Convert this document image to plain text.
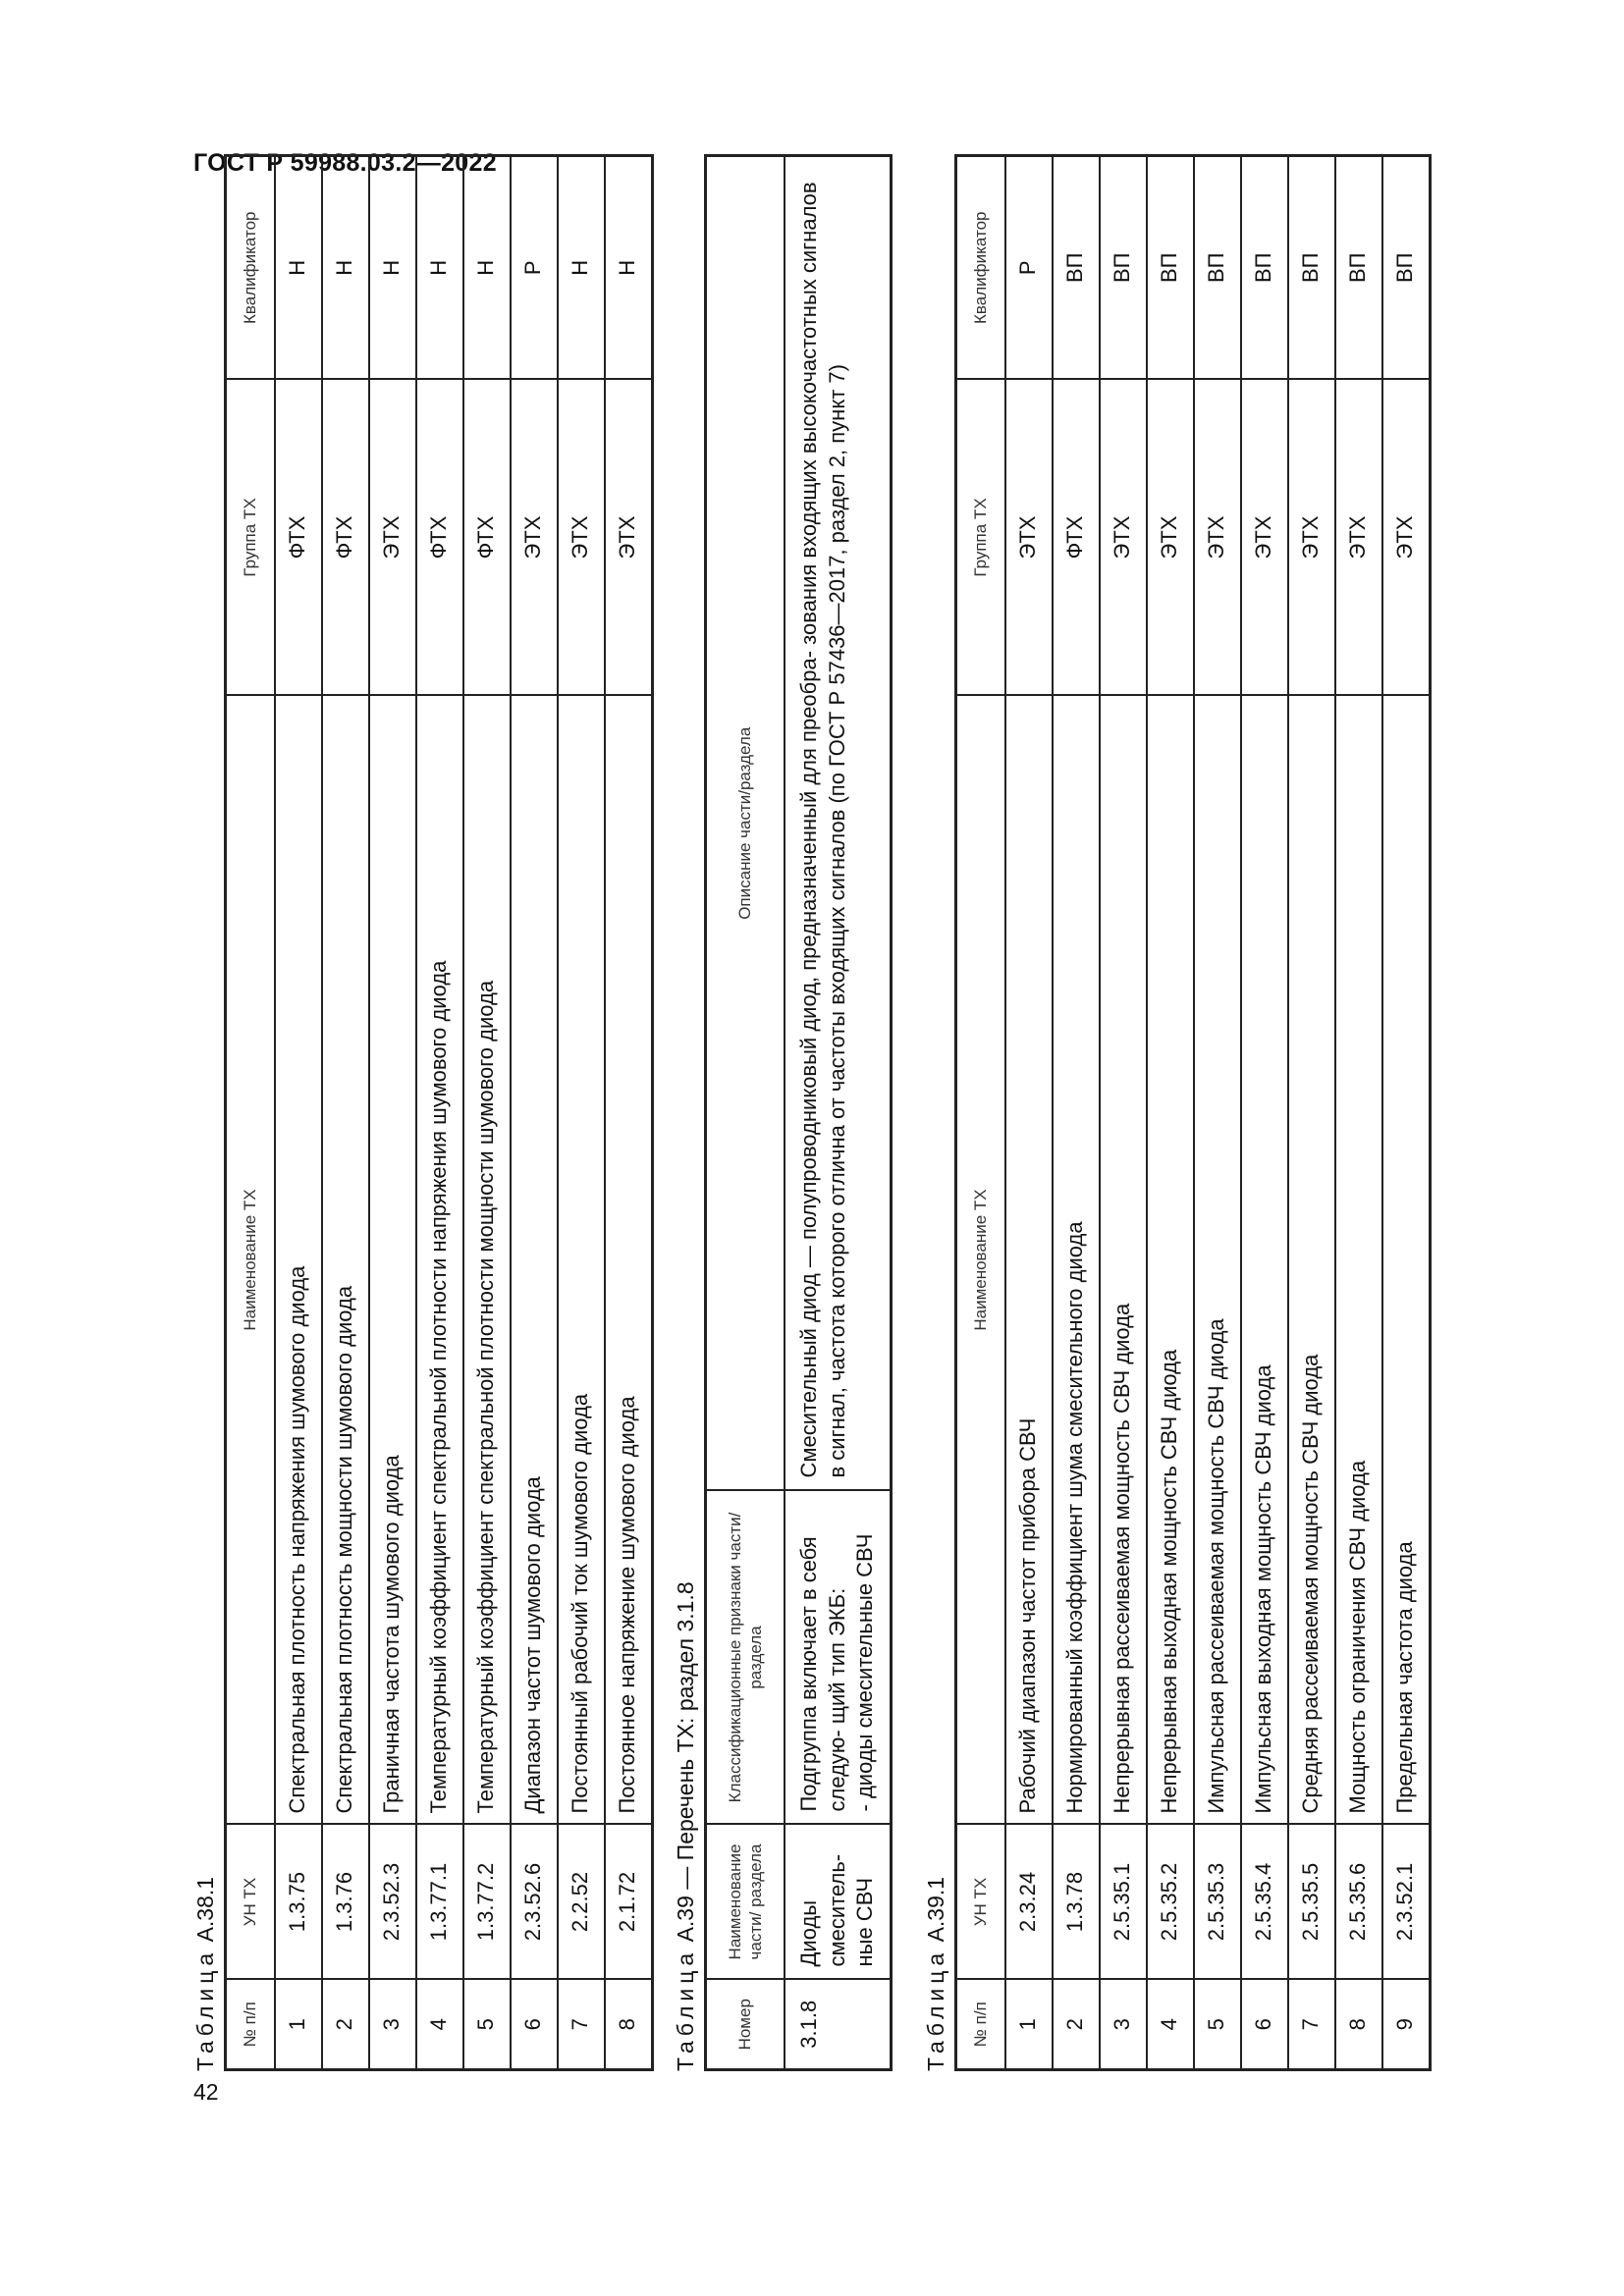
ГОСТ Р 59988.03.2—2022
42
Таблица А.38.1
№ п/п	УН ТХ	Наименование ТХ	Группа ТХ	Квалификатор
1	1.3.75	Спектральная плотность напряжения шумового диода	ФТХ	Н
2	1.3.76	Спектральная плотность мощности шумового диода	ФТХ	Н
3	2.3.52.3	Граничная частота шумового диода	ЭТХ	Н
4	1.3.77.1	Температурный коэффициент спектральной плотности напряжения шумового диода	ФТХ	Н
5	1.3.77.2	Температурный коэффициент спектральной плотности мощности шумового диода	ФТХ	Н
6	2.3.52.6	Диапазон частот шумового диода	ЭТХ	Р
7	2.2.52	Постоянный рабочий ток шумового диода	ЭТХ	Н
8	2.1.72	Постоянное напряжение шумового диода	ЭТХ	Н
Таблица А.39 — Перечень ТХ: раздел 3.1.8
Номер	Наименование части/ раздела	Классификационные признаки части/ раздела	Описание части/раздела
3.1.8	Диоды смеситель- ные СВЧ	Подгруппа включает в себя следую- щий тип ЭКБ: - диоды смесительные СВЧ	Смесительный диод — полупроводниковый диод, предназначенный для преобра- зования входящих высокочастотных сигналов в сигнал, частота которого отлична от частоты входящих сигналов (по ГОСТ Р 57436—2017, раздел 2, пункт 7)
Таблица А.39.1
№ п/п	УН ТХ	Наименование ТХ	Группа ТХ	Квалификатор
1	2.3.24	Рабочий диапазон частот прибора СВЧ	ЭТХ	Р
2	1.3.78	Нормированный коэффициент шума смесительного диода	ФТХ	ВП
3	2.5.35.1	Непрерывная рассеиваемая мощность СВЧ диода	ЭТХ	ВП
4	2.5.35.2	Непрерывная выходная мощность СВЧ диода	ЭТХ	ВП
5	2.5.35.3	Импульсная рассеиваемая мощность СВЧ диода	ЭТХ	ВП
6	2.5.35.4	Импульсная выходная мощность СВЧ диода	ЭТХ	ВП
7	2.5.35.5	Средняя рассеиваемая мощность СВЧ диода	ЭТХ	ВП
8	2.5.35.6	Мощность ограничения СВЧ диода	ЭТХ	ВП
9	2.3.52.1	Предельная частота диода	ЭТХ	ВП
